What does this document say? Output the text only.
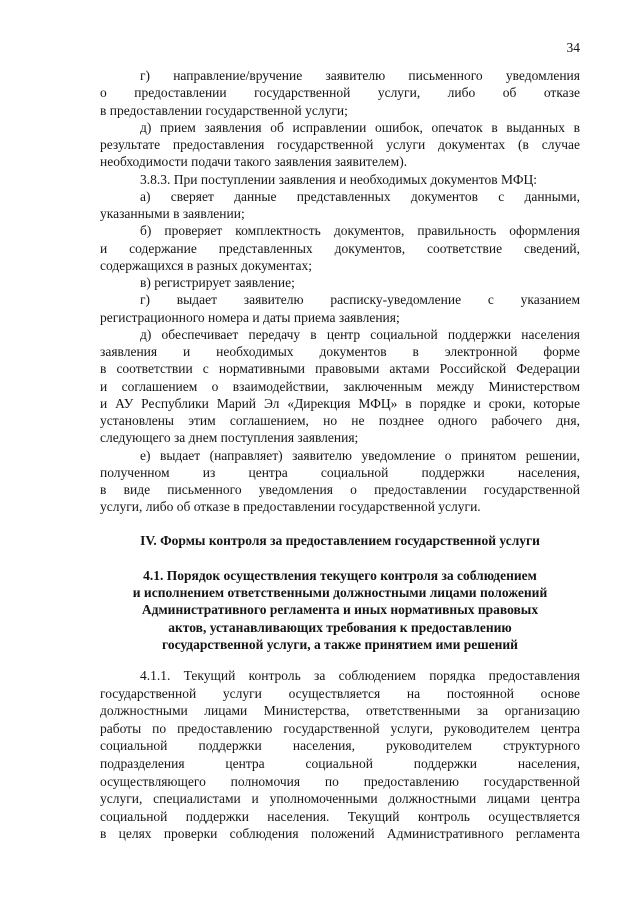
34
г) направление/вручение заявителю письменного уведомления
о предоставлении государственной услуги, либо об отказе
в предоставлении государственной услуги;
д) прием заявления об исправлении ошибок, опечаток в выданных в
результате предоставления государственной услуги документах (в случае
необходимости подачи такого заявления заявителем).
3.8.3. При поступлении заявления и необходимых документов МФЦ:
а) сверяет данные представленных документов с данными,
указанными в заявлении;
б) проверяет комплектность документов, правильность оформления
и содержание представленных документов, соответствие сведений,
содержащихся в разных документах;
в) регистрирует заявление;
г) выдает заявителю расписку-уведомление с указанием
регистрационного номера и даты приема заявления;
д) обеспечивает передачу в центр социальной поддержки населения
заявления и необходимых документов в электронной форме
в соответствии с нормативными правовыми актами Российской Федерации
и соглашением о взаимодействии, заключенным между Министерством
и АУ Республики Марий Эл «Дирекция МФЦ» в порядке и сроки, которые
установлены этим соглашением, но не позднее одного рабочего дня,
следующего за днем поступления заявления;
е) выдает (направляет) заявителю уведомление о принятом решении,
полученном из центра социальной поддержки населения,
в виде письменного уведомления о предоставлении государственной
услуги, либо об отказе в предоставлении государственной услуги.
IV. Формы контроля за предоставлением государственной услуги
4.1. Порядок осуществления текущего контроля за соблюдением
и исполнением ответственными должностными лицами положений
Административного регламента и иных нормативных правовых
актов, устанавливающих требования к предоставлению
государственной услуги, а также принятием ими решений
4.1.1. Текущий контроль за соблюдением порядка предоставления
государственной услуги осуществляется на постоянной основе
должностными лицами Министерства, ответственными за организацию
работы по предоставлению государственной услуги, руководителем центра
социальной поддержки населения, руководителем структурного
подразделения центра социальной поддержки населения,
осуществляющего полномочия по предоставлению государственной
услуги, специалистами и уполномоченными должностными лицами центра
социальной поддержки населения. Текущий контроль осуществляется
в целях проверки соблюдения положений Административного регламента
